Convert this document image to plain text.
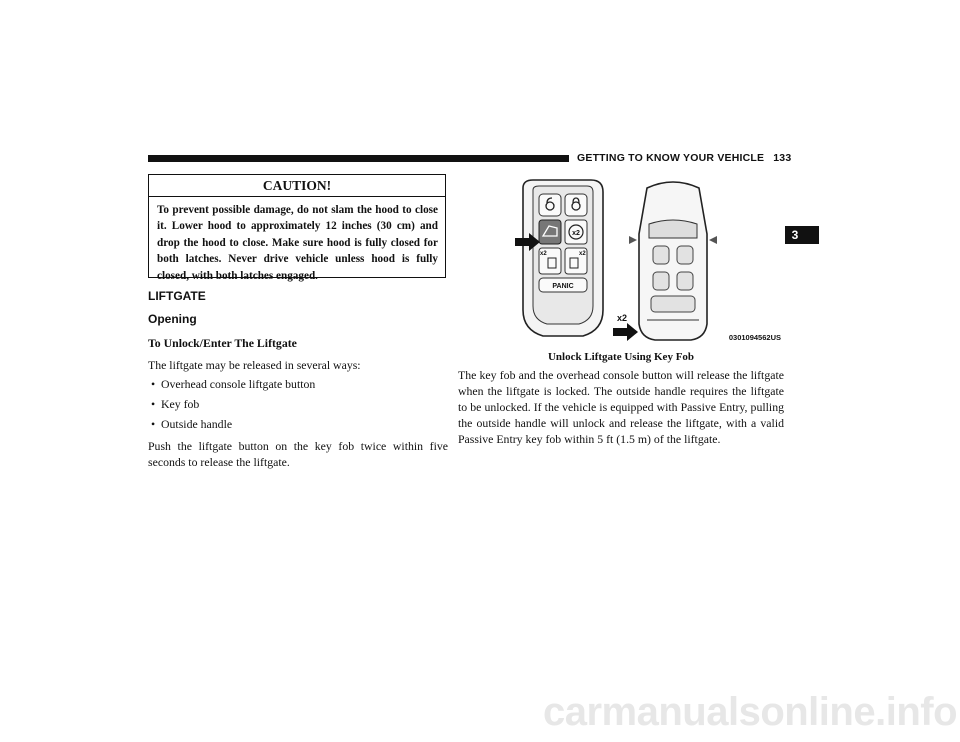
GETTING TO KNOW YOUR VEHICLE 133
3
CAUTION!
To prevent possible damage, do not slam the hood to close it. Lower hood to approximately 12 inches (30 cm) and drop the hood to close. Make sure hood is fully closed for both latches. Never drive vehicle unless hood is fully closed, with both latches engaged.
LIFTGATE
Opening
To Unlock/Enter The Liftgate
The liftgate may be released in several ways:
• Overhead console liftgate button
• Key fob
• Outside handle
Push the liftgate button on the key fob twice within five seconds to release the liftgate.
x2
x2	x2
PANIC
x2
0301094562US
Unlock Liftgate Using Key Fob
The key fob and the overhead console button will release the liftgate when the liftgate is locked. The outside handle requires the liftgate to be unlocked. If the vehicle is equipped with Passive Entry, pulling the outside handle will unlock and release the liftgate, with a valid Passive Entry key fob within 5 ft (1.5 m) of the liftgate.
carmanualsonline.info
